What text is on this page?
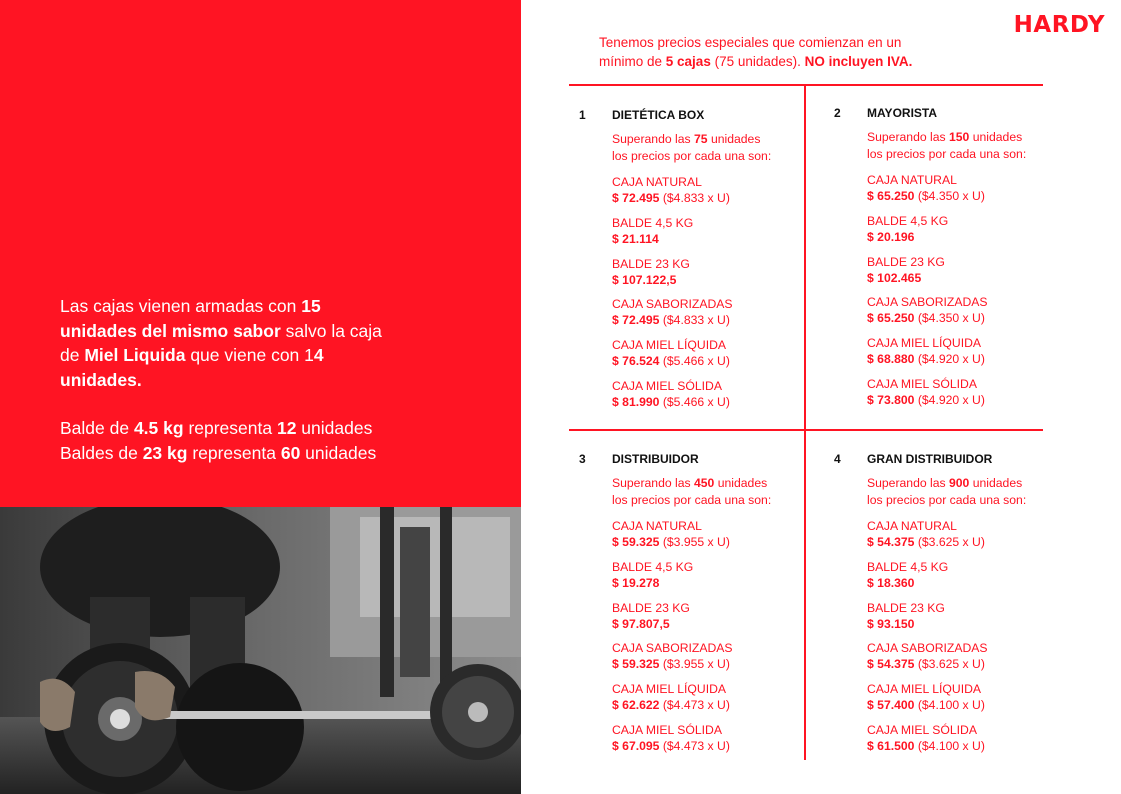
Las cajas vienen armadas con 15 unidades del mismo sabor salvo la caja de Miel Liquida que viene con 14 unidades.

Balde de 4.5 kg representa 12 unidades

Baldes de 23 kg representa 60 unidades

HARDY

Tenemos precios especiales que comienzan en un

mínimo de 5 cajas (75 unidades). NO incluyen IVA.

1 DIETÉTICA BOX

Superando las 75 unidades

los precios por cada una son:

CAJA NATURAL
$ 72.495 ($4.833 x U)
BALDE 4,5 KG
$ 21.114
BALDE 23 KG
$ 107.122,5
CAJA SABORIZADAS
$ 72.495 ($4.833 x U)
CAJA MIEL LÍQUIDA
$ 76.524 ($5.466 x U)
CAJA MIEL SÓLIDA
$ 81.990 ($5.466 x U)
2 MAYORISTA

Superando las 150 unidades

los precios por cada una son:

CAJA NATURAL
$ 65.250 ($4.350 x U)
BALDE 4,5 KG
$ 20.196
BALDE 23 KG
$ 102.465
CAJA SABORIZADAS
$ 65.250 ($4.350 x U)
CAJA MIEL LÍQUIDA
$ 68.880 ($4.920 x U)
CAJA MIEL SÓLIDA
$ 73.800 ($4.920 x U)
3 DISTRIBUIDOR

Superando las 450 unidades

los precios por cada una son:

CAJA NATURAL
$ 59.325 ($3.955 x U)
BALDE 4,5 KG
$ 19.278
BALDE 23 KG
$ 97.807,5
CAJA SABORIZADAS
$ 59.325 ($3.955 x U)
CAJA MIEL LÍQUIDA
$ 62.622 ($4.473 x U)
CAJA MIEL SÓLIDA
$ 67.095 ($4.473 x U)
4 GRAN DISTRIBUIDOR

Superando las 900 unidades

los precios por cada una son:

CAJA NATURAL
$ 54.375 ($3.625 x U)
BALDE 4,5 KG
$ 18.360
BALDE 23 KG
$ 93.150
CAJA SABORIZADAS
$ 54.375 ($3.625 x U)
CAJA MIEL LÍQUIDA
$ 57.400 ($4.100 x U)
CAJA MIEL SÓLIDA
$ 61.500 ($4.100 x U)
